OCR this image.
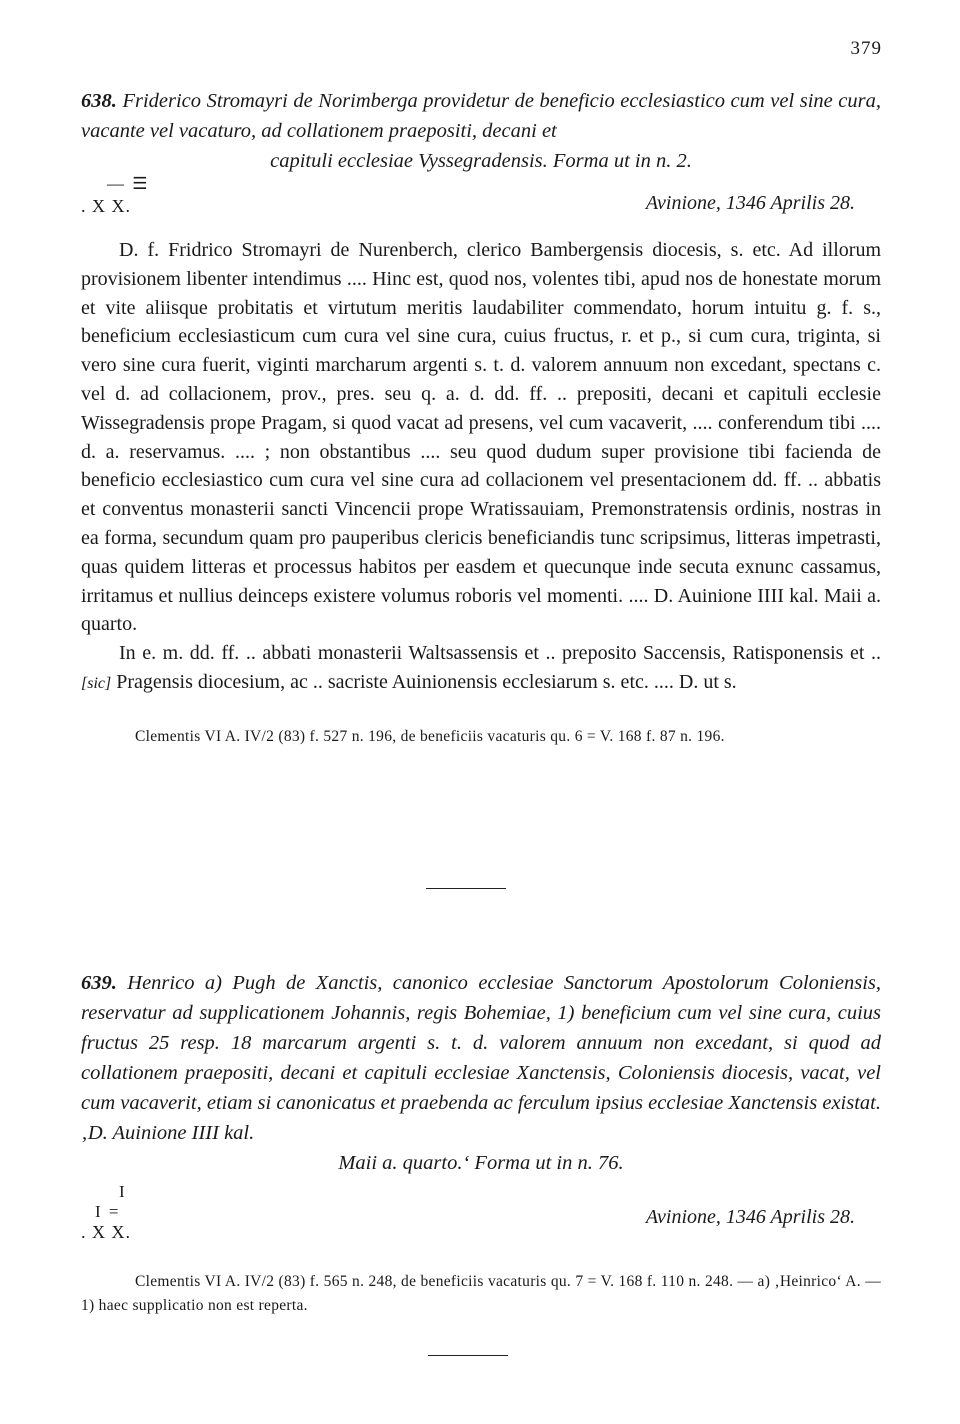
379

638. Friderico Stromayri de Norimberga providetur de beneficio ecclesiastico cum vel sine cura, vacante vel vacaturo, ad collationem praepositi, decani et
capituli ecclesiae Vyssegradensis. Forma ut in n. 2.

— ☰
. X X.	Avinione, 1346 Aprilis 28.

D. f. Fridrico Stromayri de Nurenberch, clerico Bambergensis diocesis, s. etc. Ad illorum provisionem libenter intendimus .... Hinc est, quod nos, volentes tibi, apud nos de honestate morum et vite aliisque probitatis et virtutum meritis laudabiliter commendato, horum intuitu g. f. s., beneficium ecclesiasticum cum cura vel sine cura, cuius fructus, r. et p., si cum cura, triginta, si vero sine cura fuerit, viginti marcharum argenti s. t. d. valorem annuum non excedant, spectans c. vel d. ad collacionem, prov., pres. seu q. a. d. dd. ff. .. prepositi, decani et capituli ecclesie Wissegradensis prope Pragam, si quod vacat ad presens, vel cum vacaverit, .... conferendum tibi .... d. a. reservamus. .... ; non obstantibus .... seu quod dudum super provisione tibi facienda de beneficio ecclesiastico cum cura vel sine cura ad collacionem vel presentacionem dd. ff. .. abbatis et conventus monasterii sancti Vincencii prope Wratissauiam, Premonstratensis ordinis, nostras in ea forma, secundum quam pro pauperibus clericis beneficiandis tunc scripsimus, litteras impetrasti, quas quidem litteras et processus habitos per easdem et quecunque inde secuta exnunc cassamus, irritamus et nullius deinceps existere volumus roboris vel momenti. .... D. Auinione IIII kal. Maii a. quarto.

In e. m. dd. ff. .. abbati monasterii Waltsassensis et .. preposito Saccensis, Ratisponensis et .. [sic] Pragensis diocesium, ac .. sacriste Auinionensis ecclesiarum s. etc. .... D. ut s.

Clementis VI A. IV/2 (83) f. 527 n. 196, de beneficiis vacaturis qu. 6 = V. 168 f. 87 n. 196.

639. Henrico a) Pugh de Xanctis, canonico ecclesiae Sanctorum Apostolorum Coloniensis, reservatur ad supplicationem Johannis, regis Bohemiae, 1) beneficium cum vel sine cura, cuius fructus 25 resp. 18 marcarum argenti s. t. d. valorem annuum non excedant, si quod ad collationem praepositi, decani et capituli ecclesiae Xanctensis, Coloniensis diocesis, vacat, vel cum vacaverit, etiam si canonicatus et praebenda ac ferculum ipsius ecclesiae Xanctensis existat. ‚D. Auinione IIII kal.
Maii a. quarto.‘ Forma ut in n. 76.

I
I =
. X X.
Avinione, 1346 Aprilis 28.

Clementis VI A. IV/2 (83) f. 565 n. 248, de beneficiis vacaturis qu. 7 = V. 168 f. 110 n. 248. — a) ‚Heinrico‘ A. — 1) haec supplicatio non est reperta.
